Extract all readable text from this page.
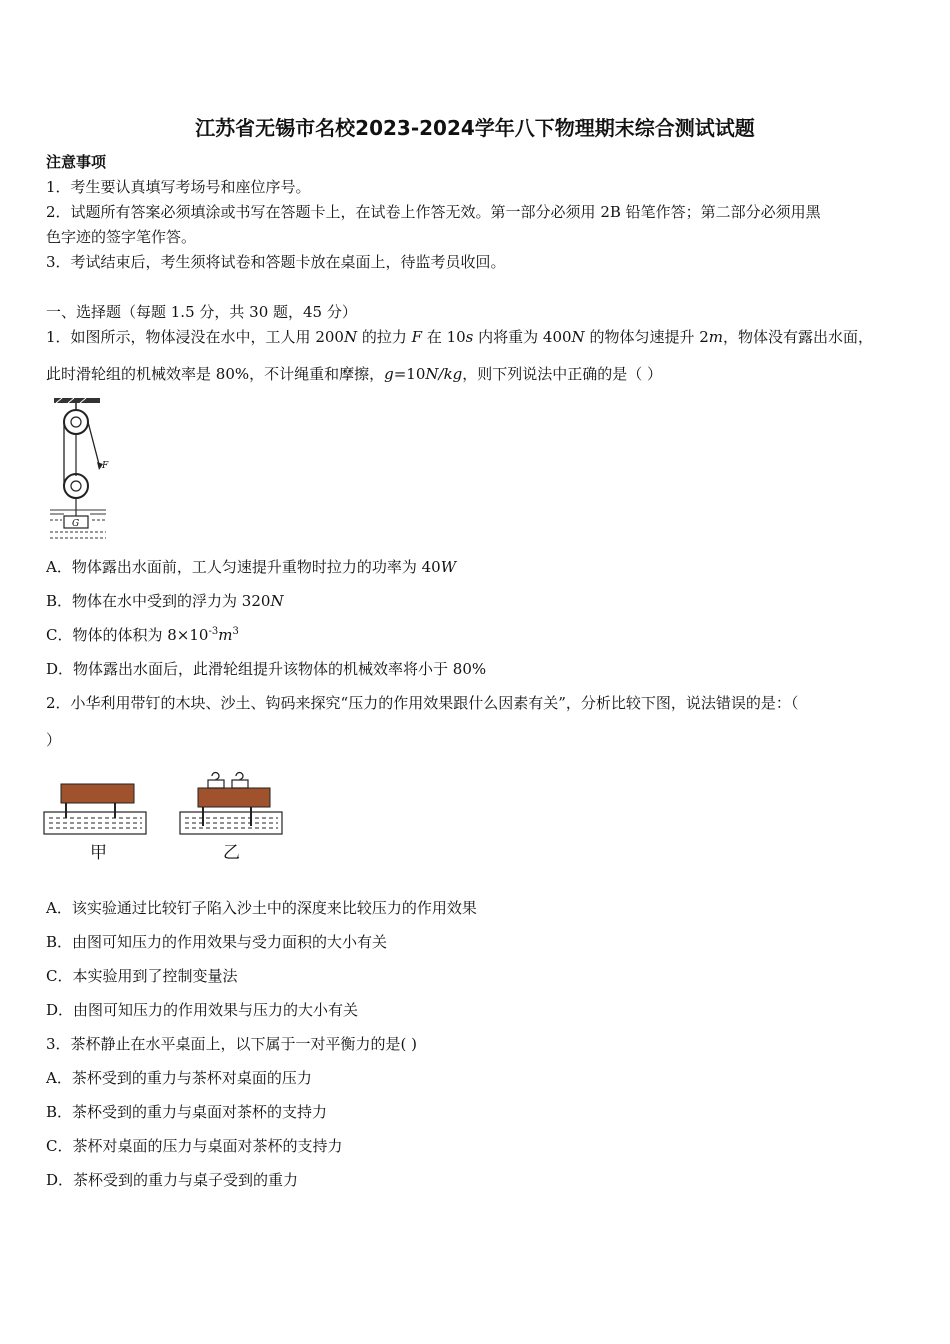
江苏省无锡市名校2023-2024学年八下物理期末综合测试试题
注意事项
1．考生要认真填写考场号和座位序号。
2．试题所有答案必须填涂或书写在答题卡上，在试卷上作答无效。第一部分必须用 2B 铅笔作答；第二部分必须用黑
色字迹的签字笔作答。
3．考试结束后，考生须将试卷和答题卡放在桌面上，待监考员收回。
一、选择题（每题 1.5 分，共 30 题，45 分）
1．如图所示，物体浸没在水中，工人用 200N 的拉力 F 在 10s 内将重为 400N 的物体匀速提升 2m，物体没有露出水面，
此时滑轮组的机械效率是 80%，不计绳重和摩擦，g=10N/kg，则下列说法中正确的是（ ）
F
G
A．物体露出水面前，工人匀速提升重物时拉力的功率为 40W
B．物体在水中受到的浮力为 320N
C．物体的体积为 $8\times 10^{-3}m^3$
D．物体露出水面后，此滑轮组提升该物体的机械效率将小于 80%
2．小华利用带钉的木块、沙土、钩码来探究“压力的作用效果跟什么因素有关”，分析比较下图，说法错误的是：（
）
甲	乙
A．该实验通过比较钉子陷入沙土中的深度来比较压力的作用效果
B．由图可知压力的作用效果与受力面积的大小有关
C．本实验用到了控制变量法
D．由图可知压力的作用效果与压力的大小有关
3．茶杯静止在水平桌面上，以下属于一对平衡力的是( )
A．茶杯受到的重力与茶杯对桌面的压力
B．茶杯受到的重力与桌面对茶杯的支持力
C．茶杯对桌面的压力与桌面对茶杯的支持力
D．茶杯受到的重力与桌子受到的重力
